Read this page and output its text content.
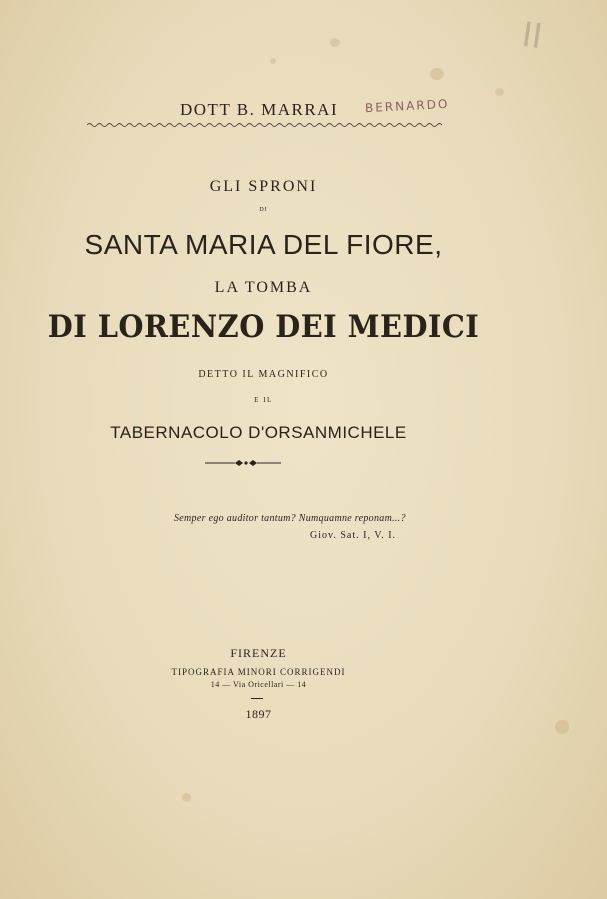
II
DOTT B. MARRAI BERNARDO
GLI SPRONI
DI
SANTA MARIA DEL FIORE,
LA TOMBA
DI LORENZO DEI MEDICI
DETTO IL MAGNIFICO
E IL
TABERNACOLO D'ORSANMICHELE
Semper ego auditor tantum? Numquamne reponam...?
Giov. Sat. I, V. I.
FIRENZE
TIPOGRAFIA MINORI CORRIGENDI
14 — Via Oricellari — 14
1897
